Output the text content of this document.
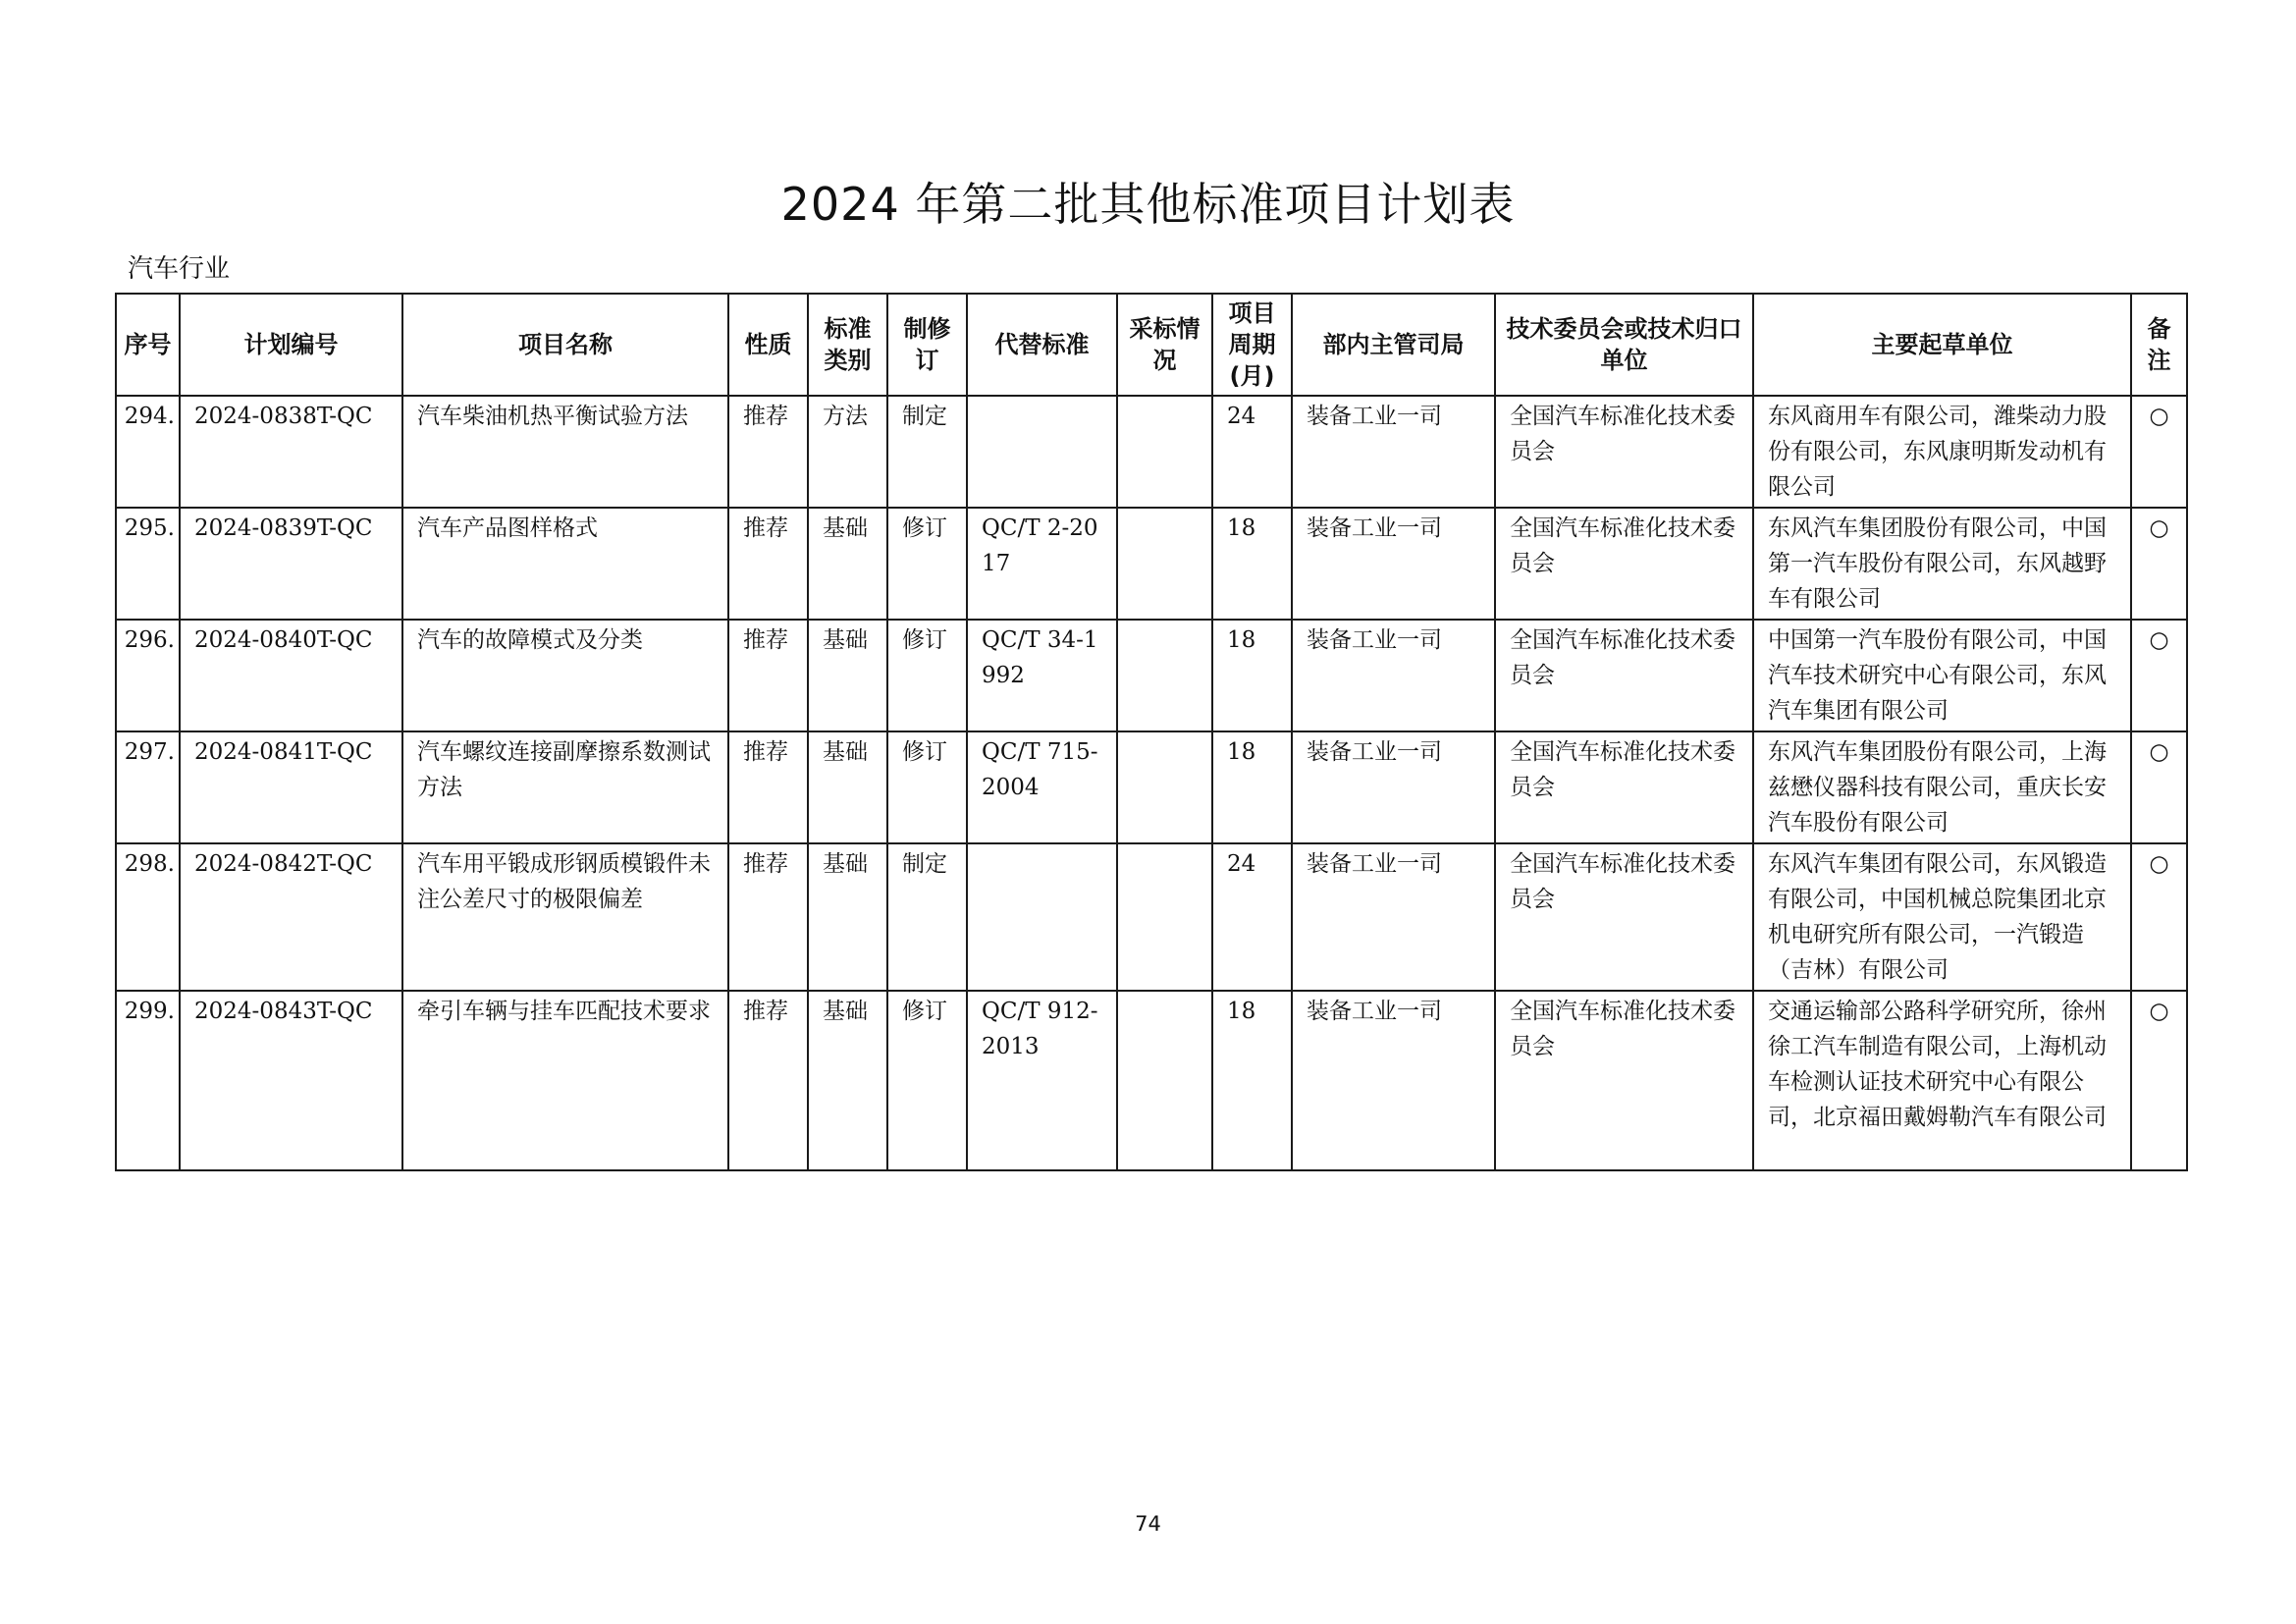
2024 年第二批其他标准项目计划表
汽车行业
序号	计划编号	项目名称	性质	标准类别	制修订	代替标准	采标情况	项目周期(月)	部内主管司局	技术委员会或技术归口单位	主要起草单位	备注
294.	2024-0838T-QC	汽车柴油机热平衡试验方法	推荐	方法	制定			24	装备工业一司	全国汽车标准化技术委员会	东风商用车有限公司，潍柴动力股份有限公司，东风康明斯发动机有限公司	○
295.	2024-0839T-QC	汽车产品图样格式	推荐	基础	修订	QC/T 2-2017		18	装备工业一司	全国汽车标准化技术委员会	东风汽车集团股份有限公司，中国第一汽车股份有限公司，东风越野车有限公司	○
296.	2024-0840T-QC	汽车的故障模式及分类	推荐	基础	修订	QC/T 34-1992		18	装备工业一司	全国汽车标准化技术委员会	中国第一汽车股份有限公司，中国汽车技术研究中心有限公司，东风汽车集团有限公司	○
297.	2024-0841T-QC	汽车螺纹连接副摩擦系数测试方法	推荐	基础	修订	QC/T 715-2004		18	装备工业一司	全国汽车标准化技术委员会	东风汽车集团股份有限公司，上海兹懋仪器科技有限公司，重庆长安汽车股份有限公司	○
298.	2024-0842T-QC	汽车用平锻成形钢质模锻件未注公差尺寸的极限偏差	推荐	基础	制定			24	装备工业一司	全国汽车标准化技术委员会	东风汽车集团有限公司，东风锻造有限公司，中国机械总院集团北京机电研究所有限公司，一汽锻造（吉林）有限公司	○
299.	2024-0843T-QC	牵引车辆与挂车匹配技术要求	推荐	基础	修订	QC/T 912-2013		18	装备工业一司	全国汽车标准化技术委员会	交通运输部公路科学研究所，徐州徐工汽车制造有限公司，上海机动车检测认证技术研究中心有限公司，北京福田戴姆勒汽车有限公司	○
74
